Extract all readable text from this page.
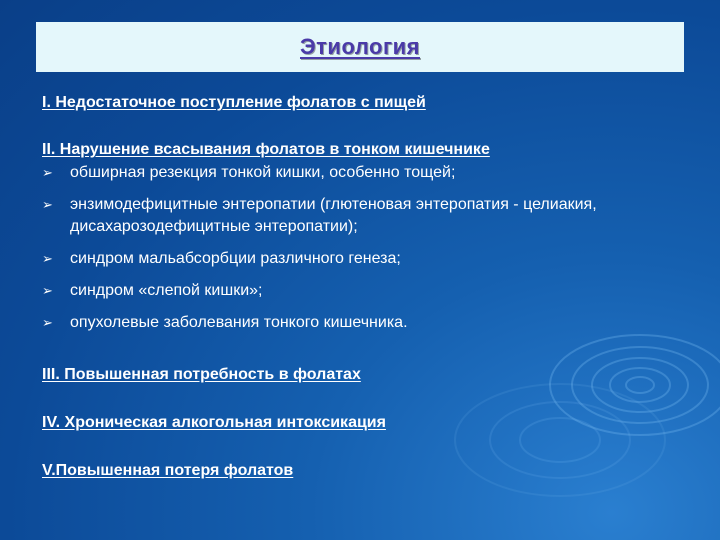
Этиология
I. Недостаточное поступление фолатов с пищей
II. Нарушение всасывания фолатов в тонком кишечнике
➢ обширная резекция тонкой кишки, особенно тощей;
➢ энзимодефицитные энтеропатии (глютеновая энтеропатия - целиакия, дисахарозодефицитные энтеропатии);
➢ синдром мальабсорбции различного генеза;
➢ синдром «слепой кишки»;
➢ опухолевые заболевания тонкого кишечника.
III. Повышенная потребность в фолатах
IV. Хроническая алкогольная интоксикация
V.Повышенная потеря фолатов
